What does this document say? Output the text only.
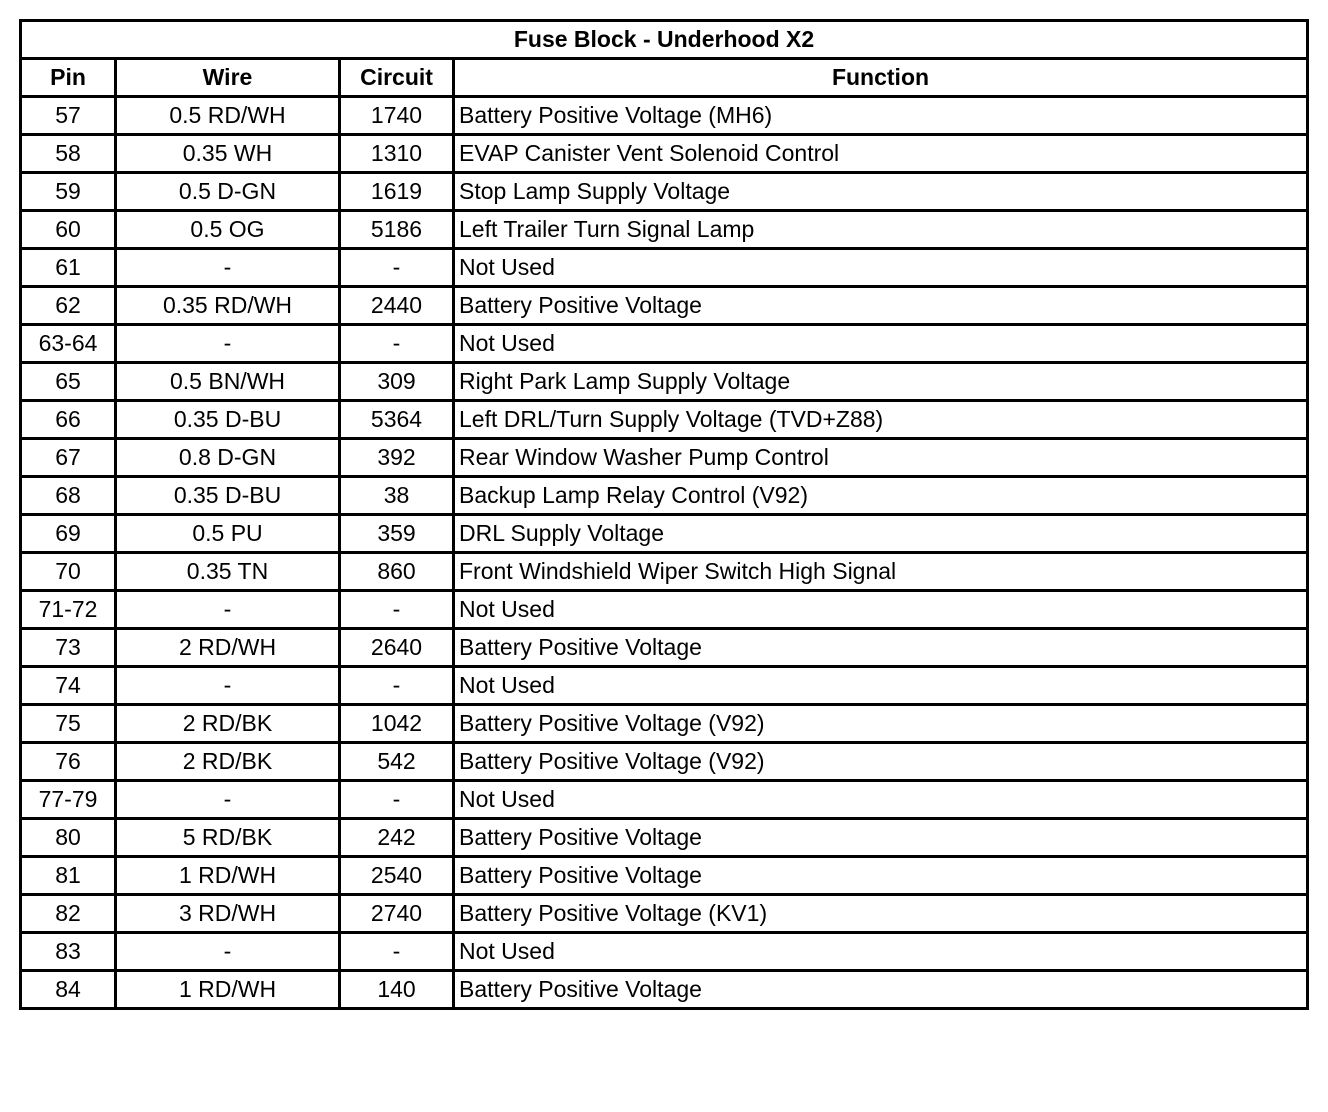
Fuse Block - Underhood X2			
Pin	Wire	Circuit	Function
57	0.5 RD/WH	1740	Battery Positive Voltage (MH6)
58	0.35 WH	1310	EVAP Canister Vent Solenoid Control
59	0.5 D-GN	1619	Stop Lamp Supply Voltage
60	0.5 OG	5186	Left Trailer Turn Signal Lamp
61	-	-	Not Used
62	0.35 RD/WH	2440	Battery Positive Voltage
63-64	-	-	Not Used
65	0.5 BN/WH	309	Right Park Lamp Supply Voltage
66	0.35 D-BU	5364	Left DRL/Turn Supply Voltage (TVD+Z88)
67	0.8 D-GN	392	Rear Window Washer Pump Control
68	0.35 D-BU	38	Backup Lamp Relay Control (V92)
69	0.5 PU	359	DRL Supply Voltage
70	0.35 TN	860	Front Windshield Wiper Switch High Signal
71-72	-	-	Not Used
73	2 RD/WH	2640	Battery Positive Voltage
74	-	-	Not Used
75	2 RD/BK	1042	Battery Positive Voltage (V92)
76	2 RD/BK	542	Battery Positive Voltage (V92)
77-79	-	-	Not Used
80	5 RD/BK	242	Battery Positive Voltage
81	1 RD/WH	2540	Battery Positive Voltage
82	3 RD/WH	2740	Battery Positive Voltage (KV1)
83	-	-	Not Used
84	1 RD/WH	140	Battery Positive Voltage
